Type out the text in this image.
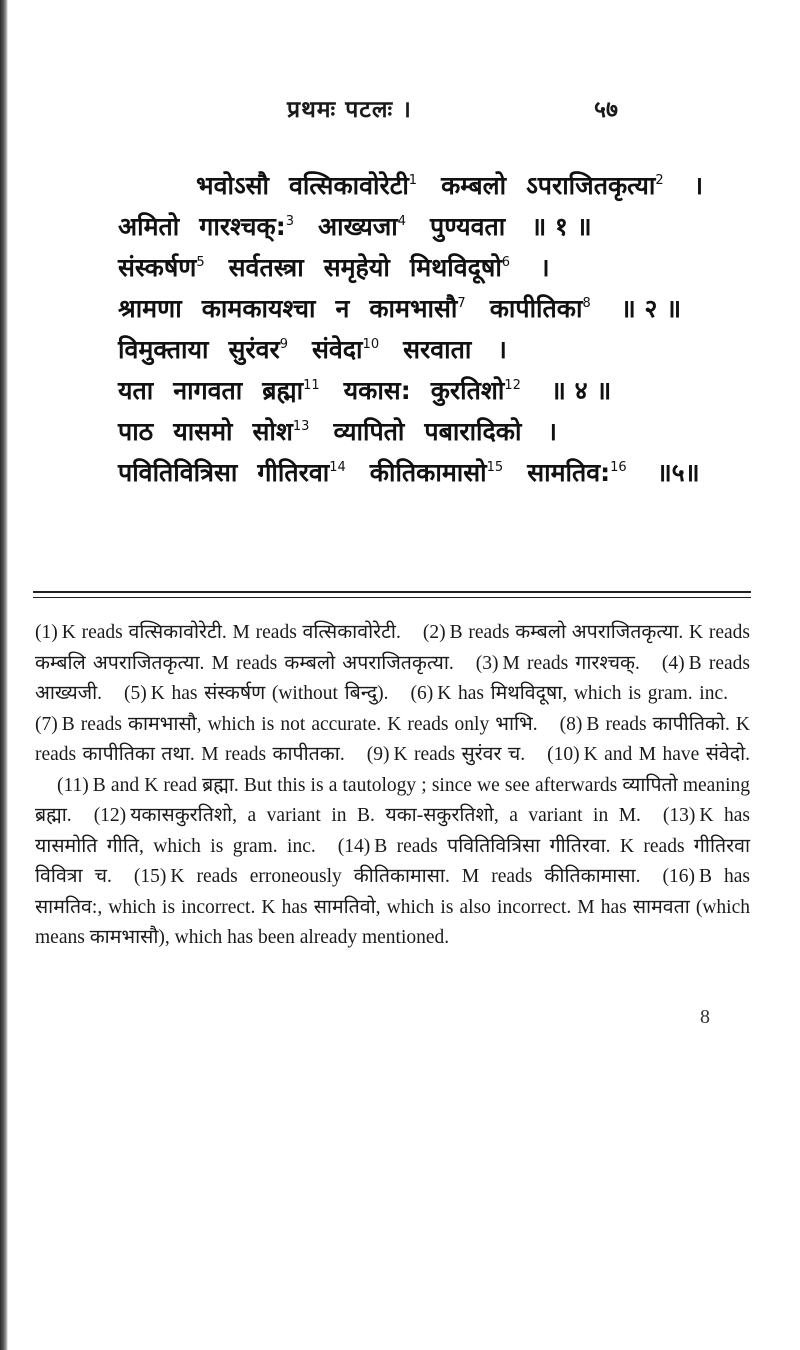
प्रथमः पटलः ।	५७
भवोऽसौ वत्सिकावोरेटी$^1$ कम्बलो ऽपराजितकृत्या$^2$ ।
अमितो गारश्चक्:$^3$ आख्यजा$^4$ पुण्यवता ॥ १ ॥
संस्कर्षण$^5$ सर्वतस्त्रा समृहेयो मिथविदूषो$^6$ ।
श्रामणा कामकायश्चा न कामभासौ$^7$ कापीतिका$^8$ ॥ २ ॥
विमुक्ताया सुरंवर$^9$ संवेदा$^{10}$ सरवाता ।
यता नागवता ब्रह्मा$^{11}$ यकास: कुरतिशो$^{12}$ ॥ ४ ॥
पाठ यासमो सोश$^{13}$ व्यापितो पबारादिको ।
पवितिवित्रिसा गीतिरवा$^{14}$ कीतिकामासो$^{15}$ सामतिव:$^{16}$ ॥५॥
(1) K reads वत्सिकावोरेटी. M reads वत्सिकावोरेटी. (2) B reads कम्बलो अपराजितकृत्या. K reads कम्बलि अपराजितकृत्या. M reads कम्बलो अपराजितकृत्या. (3) M reads गारश्चक्. (4) B reads आख्यजी. (5) K has संस्कर्षण (without बिन्दु). (6) K has मिथविदूषा, which is gram. inc.(7) B reads कामभासौ, which is not accurate. K reads only भाभि. (8) B reads कापीतिको. K reads कापीतिका तथा. M reads कापीतका. (9) K reads सुरंवर च. (10) K and M have संवेदो.(11) B and K read ब्रह्मा. But this is a tautology ; since we see afterwards व्यापितो meaning ब्रह्मा. (12) यकासकुरतिशो, a variant in B. यका-सकुरतिशो, a variant in M. (13) K has यासमोति गीति, which is gram. inc. (14) B reads पवितिवित्रिसा गीतिरवा. K reads गीतिरवा विवित्रा च. (15) K reads erroneously कीतिकामासा. M reads कीतिकामासा. (16) B has सामतिव:, which is incorrect. K has सामतिवो, which is also incorrect. M has सामवता (which means कामभासौ), which has been already mentioned.
8
